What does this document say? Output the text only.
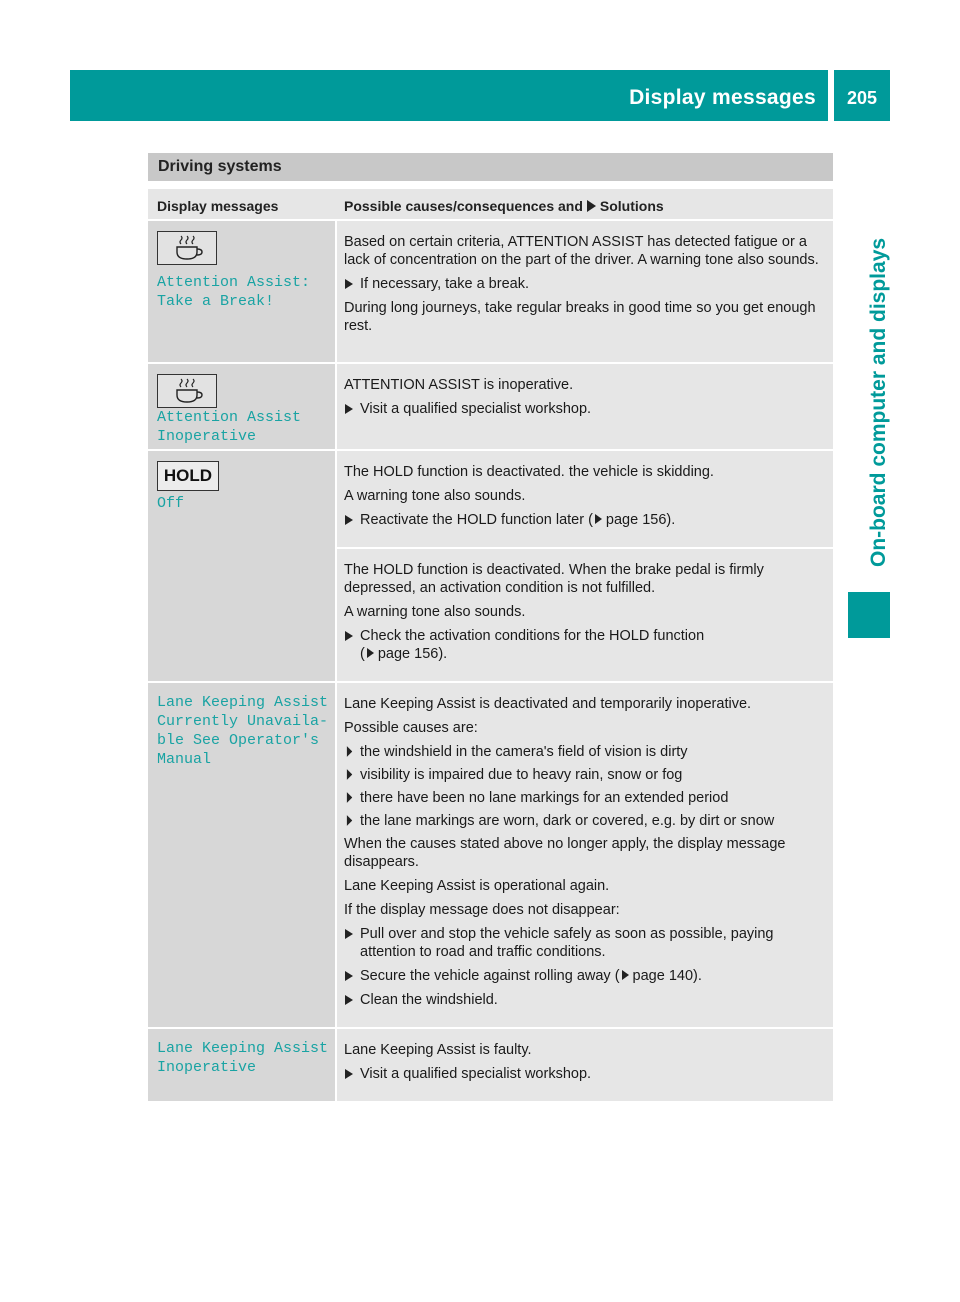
Display messages	205
On-board computer and displays
Driving systems
Display messages	Possible causes/consequences and Solutions
Attention Assist:
Take a Break!

Based on certain criteria, ATTENTION ASSIST has detected fatigue or a lack of concentration on the part of the driver. A warning tone also sounds.

If necessary, take a break.

During long journeys, take regular breaks in good time so you get enough rest.

Attention Assist
Inoperative

ATTENTION ASSIST is inoperative.

Visit a qualified specialist workshop.

HOLD
Off

The HOLD function is deactivated. the vehicle is skidding.

A warning tone also sounds.

Reactivate the HOLD function later ( page 156).

The HOLD function is deactivated. When the brake pedal is firmly depressed, an activation condition is not fulfilled.

A warning tone also sounds.

Check the activation conditions for the HOLD function
( page 156).

Lane Keeping Assist
Currently Unavaila‐
ble See Operator's
Manual

Lane Keeping Assist is deactivated and temporarily inoperative.

Possible causes are:

the windshield in the camera's field of vision is dirty

visibility is impaired due to heavy rain, snow or fog

there have been no lane markings for an extended period

the lane markings are worn, dark or covered, e.g. by dirt or snow

When the causes stated above no longer apply, the display message disappears.

Lane Keeping Assist is operational again.

If the display message does not disappear:

Pull over and stop the vehicle safely as soon as possible, paying attention to road and traffic conditions.

Secure the vehicle against rolling away ( page 140).

Clean the windshield.

Lane Keeping Assist
Inoperative

Lane Keeping Assist is faulty.

Visit a qualified specialist workshop.
